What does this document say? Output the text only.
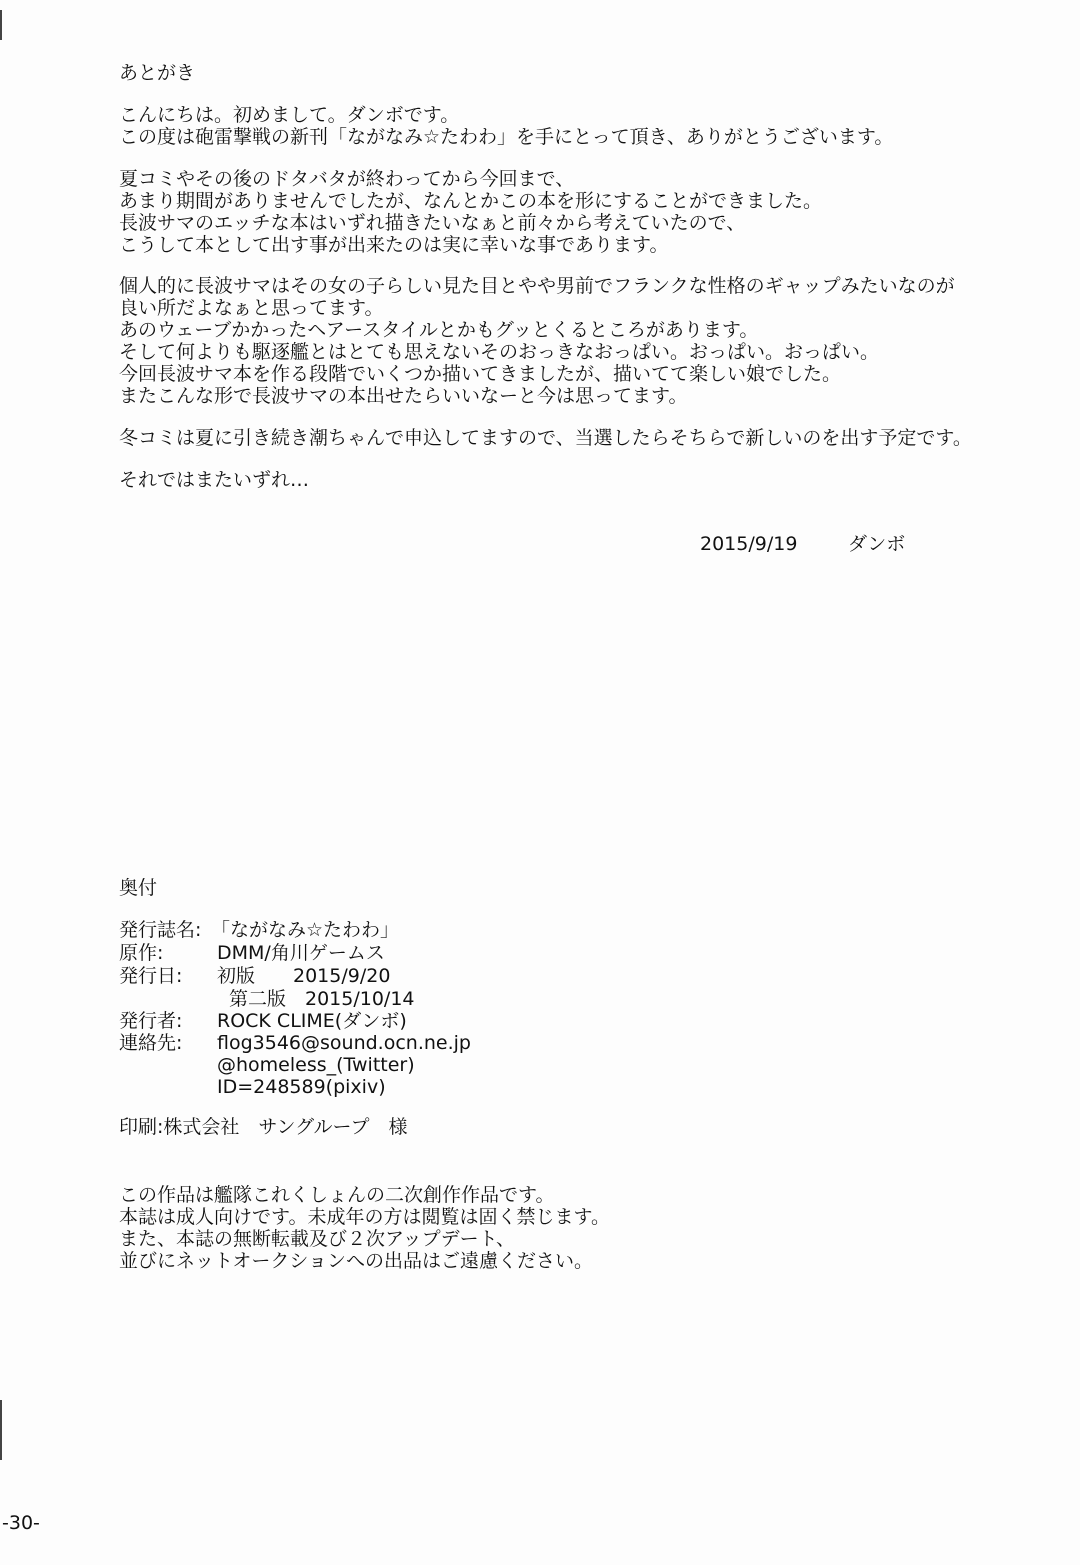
あとがき
こんにちは。初めまして。ダンボです。
この度は砲雷撃戦の新刊「ながなみ☆たわわ」を手にとって頂き、ありがとうございます。
夏コミやその後のドタバタが終わってから今回まで、
あまり期間がありませんでしたが、なんとかこの本を形にすることができました。
長波サマのエッチな本はいずれ描きたいなぁと前々から考えていたので、
こうして本として出す事が出来たのは実に幸いな事であります。
個人的に長波サマはその女の子らしい見た目とやや男前でフランクな性格のギャップみたいなのが
良い所だよなぁと思ってます。
あのウェーブかかったヘアースタイルとかもグッとくるところがあります。
そして何よりも駆逐艦とはとても思えないそのおっきなおっぱい。おっぱい。おっぱい。
今回長波サマ本を作る段階でいくつか描いてきましたが、描いてて楽しい娘でした。
またこんな形で長波サマの本出せたらいいなーと今は思ってます。
冬コミは夏に引き続き潮ちゃんで申込してますので、当選したらそちらで新しいのを出す予定です。
それではまたいずれ…
2015/9/19	ダンボ
奥付
発行誌名: 「ながなみ☆たわわ」
原作:	DMM/角川ゲームス
発行日: 初版　　2015/9/20
第二版　2015/10/14
発行者: ROCK CLIME(ダンボ)
連絡先: flog3546@sound.ocn.ne.jp
@homeless_(Twitter)
ID=248589(pixiv)
印刷:株式会社　サングループ　様
この作品は艦隊これくしょんの二次創作作品です。
本誌は成人向けです。未成年の方は閲覧は固く禁じます。
また、本誌の無断転載及び２次アップデート、
並びにネットオークションへの出品はご遠慮ください。
-30-
